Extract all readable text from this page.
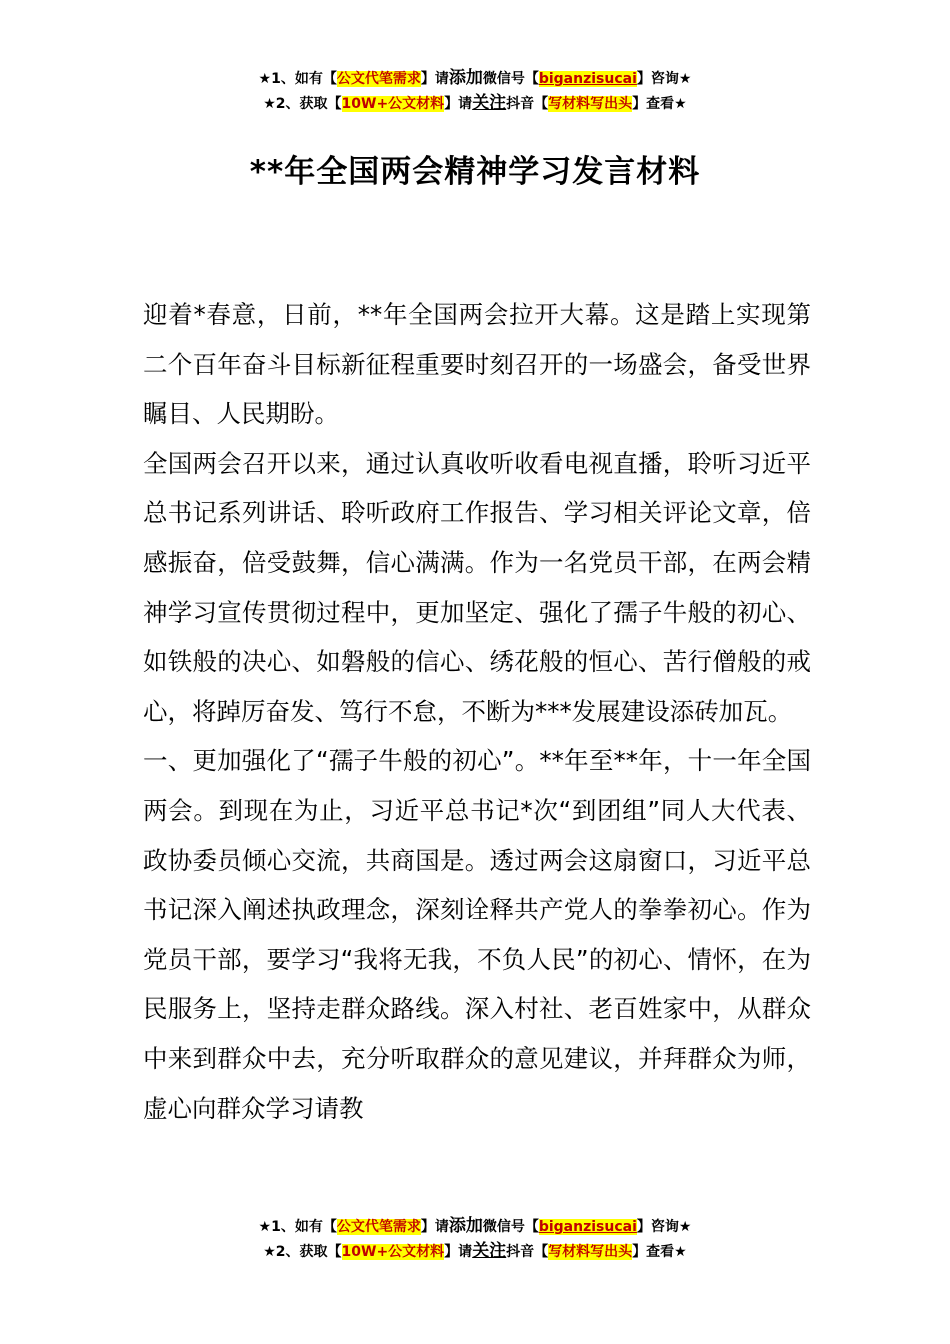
★1、如有【公文代笔需求】请添加微信号【biganzisucai】咨询★
★2、获取【10W+公文材料】请关注抖音【写材料写出头】查看★
**年全国两会精神学习发言材料

迎着*春意，日前，**年全国两会拉开大幕。这是踏上实现第二个百年奋斗目标新征程重要时刻召开的一场盛会，备受世界瞩目、人民期盼。

全国两会召开以来，通过认真收听收看电视直播，聆听习近平总书记系列讲话、聆听政府工作报告、学习相关评论文章，倍感振奋，倍受鼓舞，信心满满。作为一名党员干部，在两会精神学习宣传贯彻过程中，更加坚定、强化了孺子牛般的初心、如铁般的决心、如磐般的信心、绣花般的恒心、苦行僧般的戒心，将踔厉奋发、笃行不怠，不断为***发展建设添砖加瓦。

一、更加强化了“孺子牛般的初心”。**年至**年，十一年全国两会。到现在为止，习近平总书记*次“到团组”同人大代表、政协委员倾心交流，共商国是。透过两会这扇窗口，习近平总书记深入阐述执政理念，深刻诠释共产党人的拳拳初心。作为党员干部，要学习“我将无我，不负人民”的初心、情怀，在为民服务上，坚持走群众路线。深入村社、老百姓家中，从群众中来到群众中去，充分听取群众的意见建议，并拜群众为师，虚心向群众学习请教

★1、如有【公文代笔需求】请添加微信号【biganzisucai】咨询★
★2、获取【10W+公文材料】请关注抖音【写材料写出头】查看★
